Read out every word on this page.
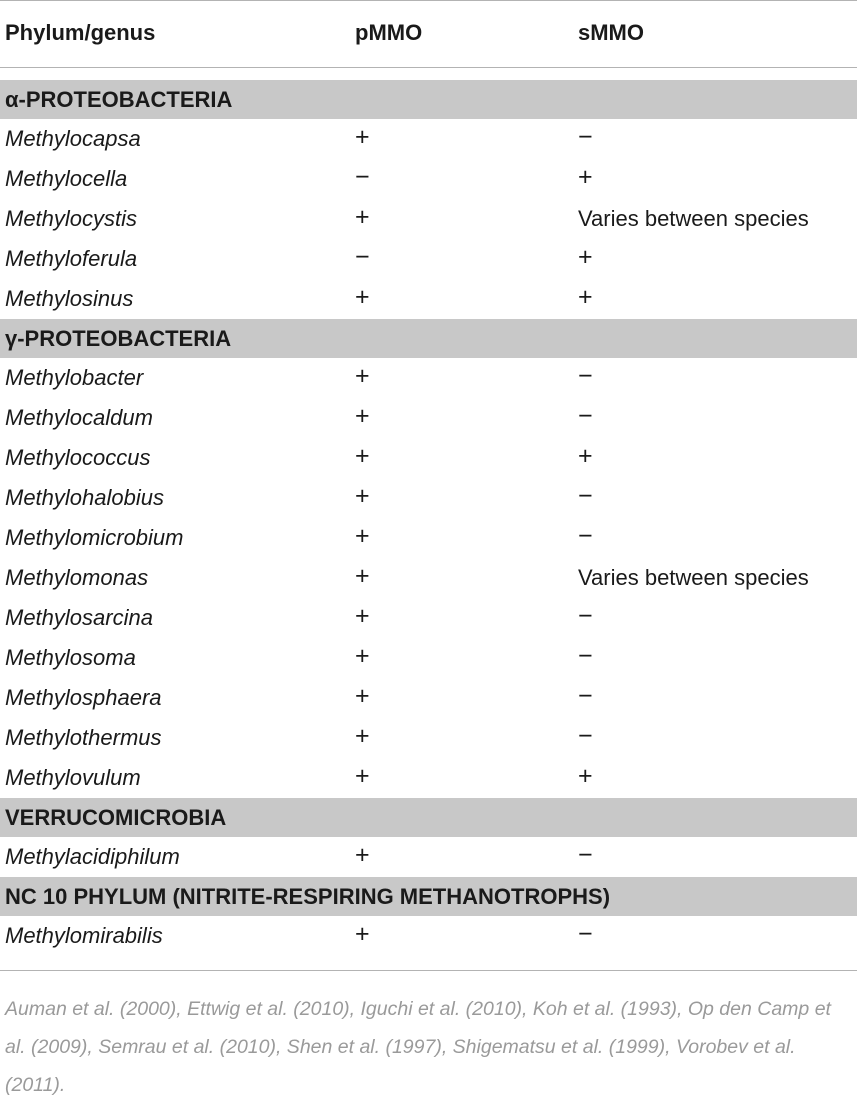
Phylum/genus	pMMO	sMMO
α-PROTEOBACTERIA
Methylocapsa	+	−
Methylocella	−	+
Methylocystis	+	Varies between species
Methyloferula	−	+
Methylosinus	+	+
γ-PROTEOBACTERIA
Methylobacter	+	−
Methylocaldum	+	−
Methylococcus	+	+
Methylohalobius	+	−
Methylomicrobium	+	−
Methylomonas	+	Varies between species
Methylosarcina	+	−
Methylosoma	+	−
Methylosphaera	+	−
Methylothermus	+	−
Methylovulum	+	+
VERRUCOMICROBIA
Methylacidiphilum	+	−
NC 10 PHYLUM (NITRITE-RESPIRING METHANOTROPHS)
Methylomirabilis	+	−
Auman et al. (2000), Ettwig et al. (2010), Iguchi et al. (2010), Koh et al. (1993), Op den Camp et al. (2009), Semrau et al. (2010), Shen et al. (1997), Shigematsu et al. (1999), Vorobev et al. (2011).
